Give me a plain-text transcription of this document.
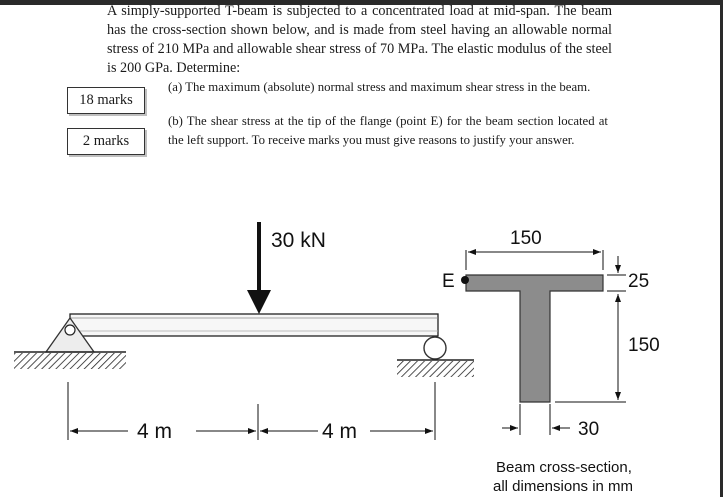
A simply-supported T-beam is subjected to a concentrated load at mid-span. The beam has the cross-section shown below, and is made from steel having an allowable normal stress of 210 MPa and allowable shear stress of 70 MPa. The elastic modulus of the steel is 200 GPa. Determine:
18 marks
2 marks
(a) The maximum (absolute) normal stress and maximum shear stress in the beam.
(b) The shear stress at the tip of the flange (point E) for the beam section located at the left support. To receive marks you must give reasons to justify your answer.
30 kN
4 m	4 m
E
150
25
150
30
Beam cross-section,
all dimensions in mm
